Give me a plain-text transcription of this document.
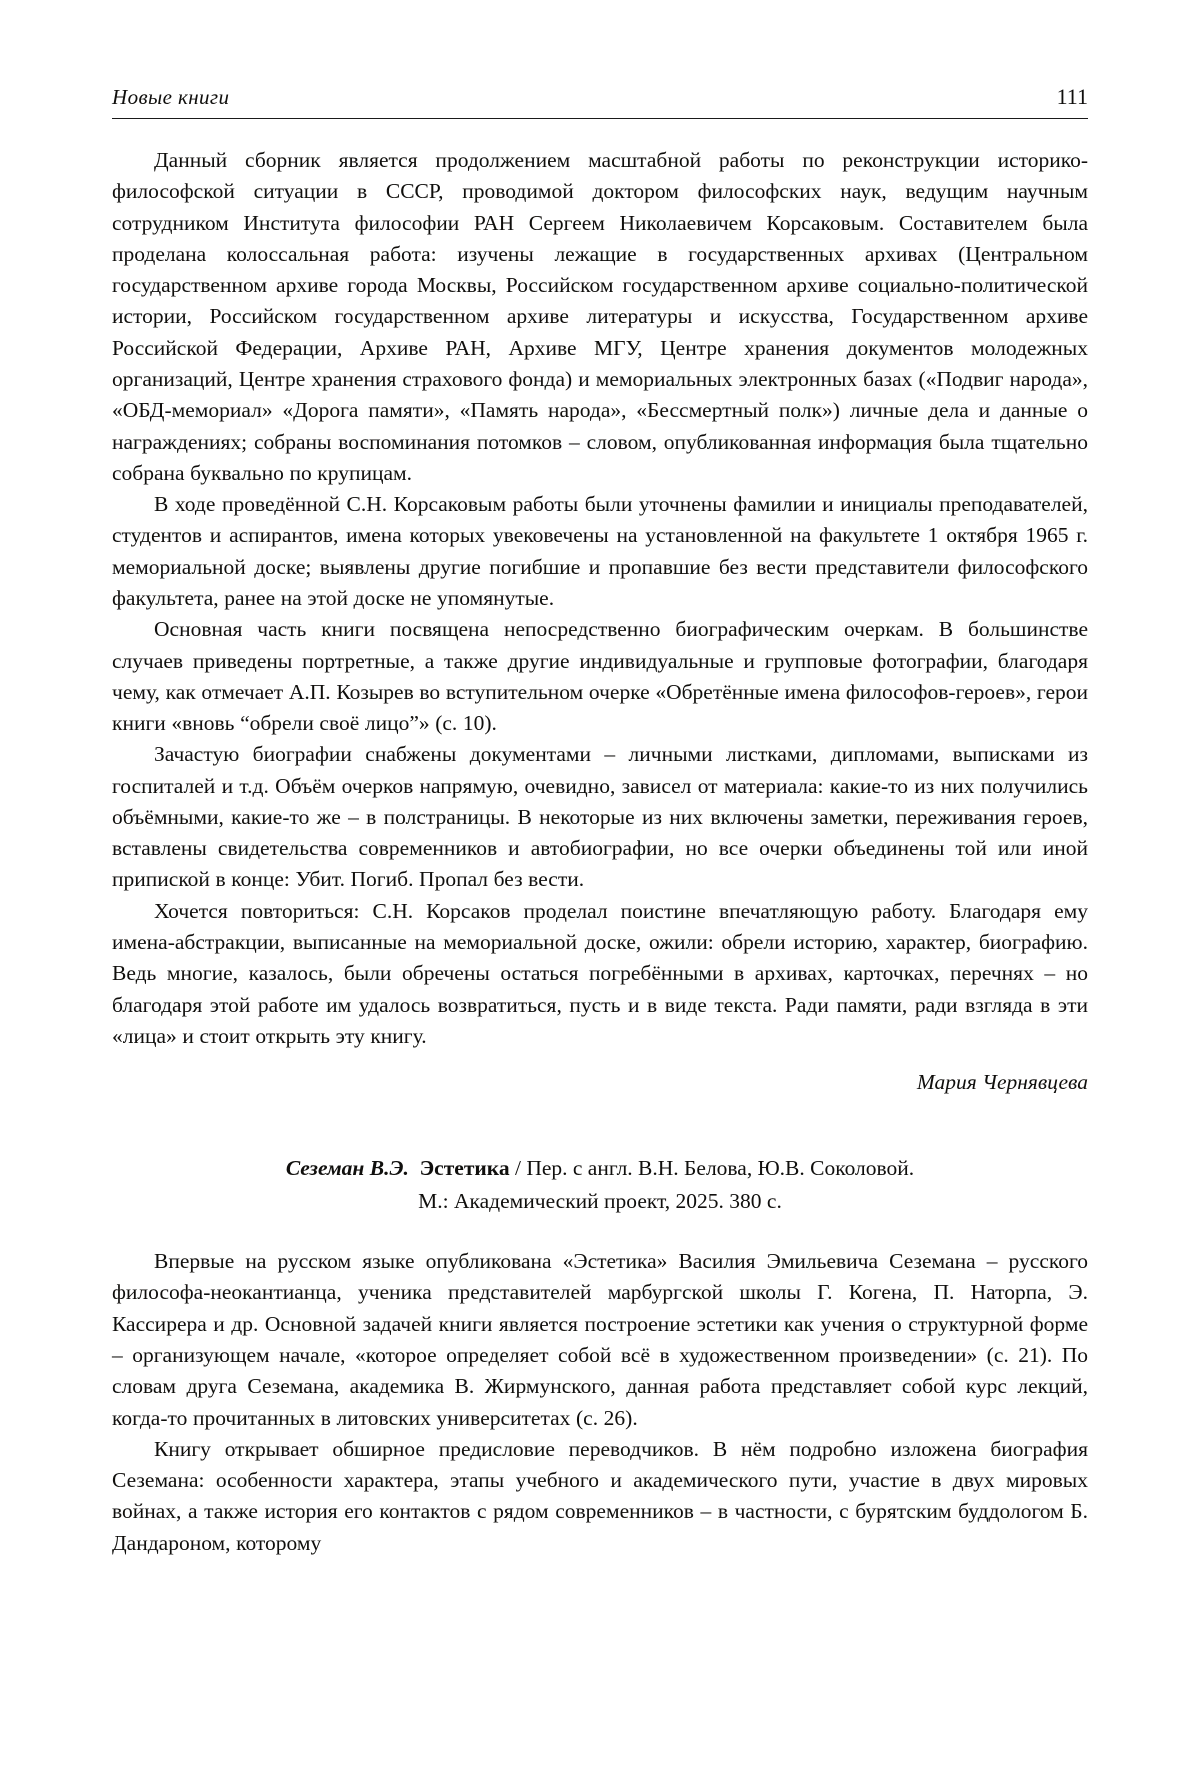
Новые книги	111

Данный сборник является продолжением масштабной работы по реконструкции историко-философской ситуации в СССР, проводимой доктором философских наук, ведущим научным сотрудником Института философии РАН Сергеем Николаевичем Корсаковым. Составителем была проделана колоссальная работа: изучены лежащие в государственных архивах (Центральном государственном архиве города Москвы, Российском государственном архиве социально-политической истории, Российском государственном архиве литературы и искусства, Государственном архиве Российской Федерации, Архиве РАН, Архиве МГУ, Центре хранения документов молодежных организаций, Центре хранения страхового фонда) и мемориальных электронных базах («Подвиг народа», «ОБД-мемориал» «Дорога памяти», «Память народа», «Бессмертный полк») личные дела и данные о награждениях; собраны воспоминания потомков – словом, опубликованная информация была тщательно собрана буквально по крупицам.

В ходе проведённой С.Н. Корсаковым работы были уточнены фамилии и инициалы преподавателей, студентов и аспирантов, имена которых увековечены на установленной на факультете 1 октября 1965 г. мемориальной доске; выявлены другие погибшие и пропавшие без вести представители философского факультета, ранее на этой доске не упомянутые.

Основная часть книги посвящена непосредственно биографическим очеркам. В большинстве случаев приведены портретные, а также другие индивидуальные и групповые фотографии, благодаря чему, как отмечает А.П. Козырев во вступительном очерке «Обретённые имена философов-героев», герои книги «вновь “обрели своё лицо”» (с. 10).

Зачастую биографии снабжены документами – личными листками, дипломами, выписками из госпиталей и т.д. Объём очерков напрямую, очевидно, зависел от материала: какие-то из них получились объёмными, какие-то же – в полстраницы. В некоторые из них включены заметки, переживания героев, вставлены свидетельства современников и автобиографии, но все очерки объединены той или иной припиской в конце: Убит. Погиб. Пропал без вести.

Хочется повториться: С.Н. Корсаков проделал поистине впечатляющую работу. Благодаря ему имена-абстракции, выписанные на мемориальной доске, ожили: обрели историю, характер, биографию. Ведь многие, казалось, были обречены остаться погребёнными в архивах, карточках, перечнях – но благодаря этой работе им удалось возвратиться, пусть и в виде текста. Ради памяти, ради взгляда в эти «лица» и стоит открыть эту книгу.

Мария Чернявцева
Сеземан В.Э. Эстетика / Пер. с англ. В.Н. Белова, Ю.В. Соколовой.
М.: Академический проект, 2025. 380 с.

Впервые на русском языке опубликована «Эстетика» Василия Эмильевича Сеземана – русского философа-неокантианца, ученика представителей марбургской школы Г. Когена, П. Наторпа, Э. Кассирера и др. Основной задачей книги является построение эстетики как учения о структурной форме – организующем начале, «которое определяет собой всё в художественном произведении» (с. 21). По словам друга Сеземана, академика В. Жирмунского, данная работа представляет собой курс лекций, когда-то прочитанных в литовских университетах (с. 26).

Книгу открывает обширное предисловие переводчиков. В нём подробно изложена биография Сеземана: особенности характера, этапы учебного и академического пути, участие в двух мировых войнах, а также история его контактов с рядом современников – в частности, с бурятским буддологом Б. Дандароном, которому
